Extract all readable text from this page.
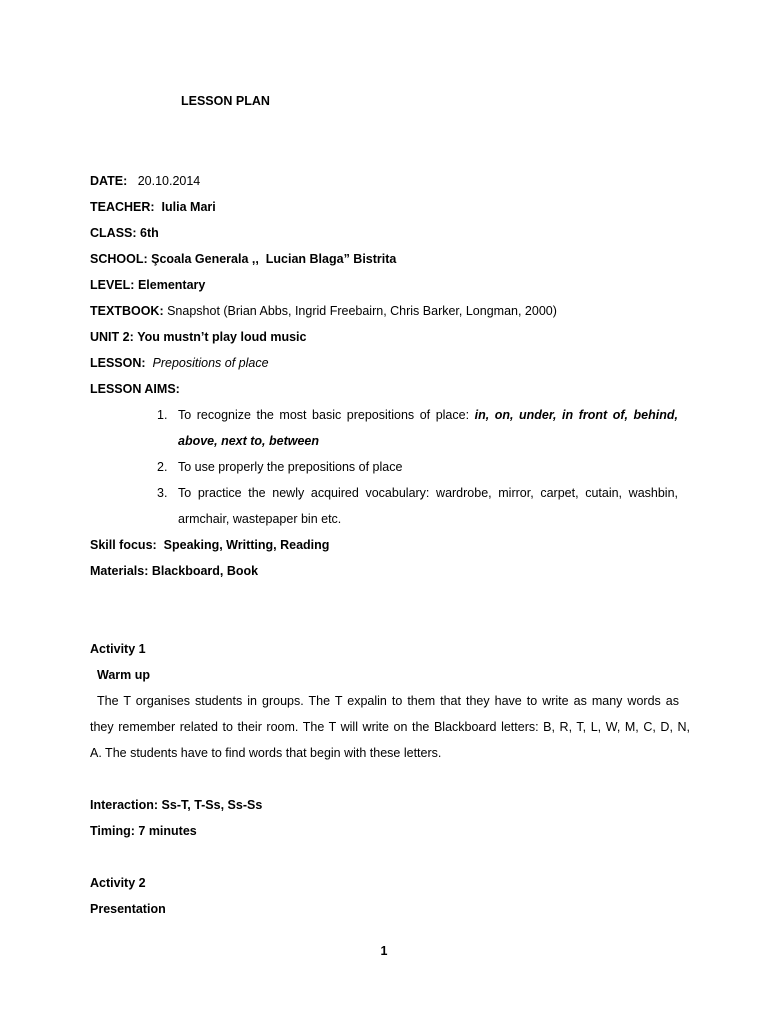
LESSON PLAN
DATE: 20.10.2014
TEACHER: Iulia Mari
CLASS: 6th
SCHOOL: Şcoala Generala ,,  Lucian Blaga” Bistrita
LEVEL: Elementary
TEXTBOOK: Snapshot (Brian Abbs, Ingrid Freebairn, Chris Barker, Longman, 2000)
UNIT 2: You mustn’t play loud music
LESSON: Prepositions of place
LESSON AIMS:
1. To recognize the most basic prepositions of place: in, on, under, in front of, behind,
above, next to, between
2. To use properly the prepositions of place
3. To practice the newly acquired vocabulary: wardrobe, mirror, carpet, cutain, washbin,
armchair, wastepaper bin etc.
Skill focus: Speaking, Writting, Reading
Materials: Blackboard, Book
Activity 1
Warm up
The T organises students in groups. The T expalin to them that they have to write as many words as
they remember related to their room. The T will write on the Blackboard letters: B, R, T, L, W, M, C, D, N,
A. The students have to find words that begin with these letters.
Interaction: Ss-T, T-Ss, Ss-Ss
Timing: 7 minutes
Activity 2
Presentation
1
